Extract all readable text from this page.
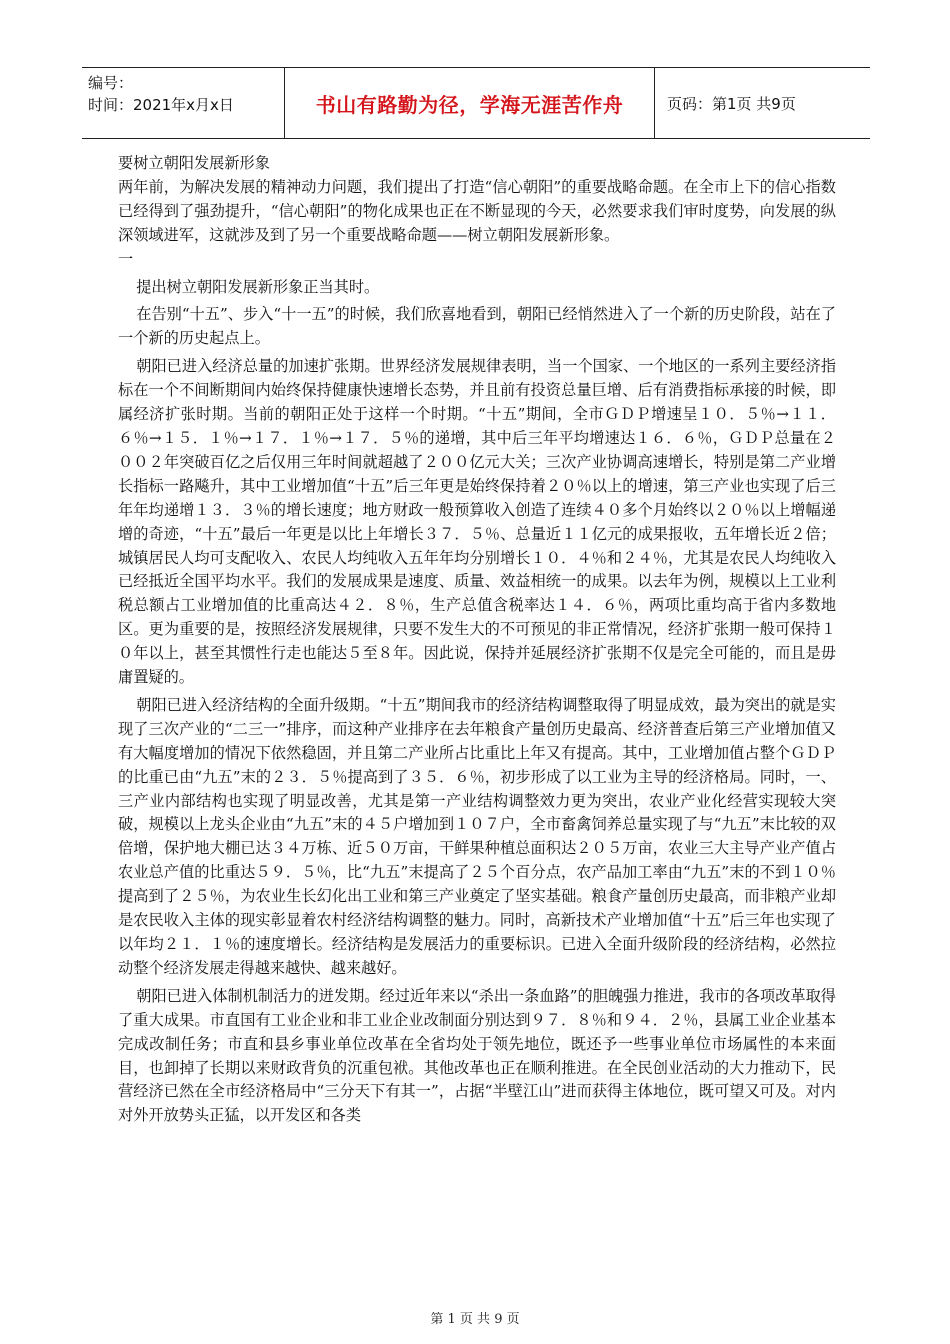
编号：
时间：2021年x月x日	书山有路勤为径，学海无涯苦作舟	页码：第1页 共9页

要树立朝阳发展新形象

两年前，为解决发展的精神动力问题，我们提出了打造“信心朝阳”的重要战略命题。在全市上下的信心指数已经得到了强劲提升，“信心朝阳”的物化成果也正在不断显现的今天，必然要求我们审时度势，向发展的纵深领域进军，这就涉及到了另一个重要战略命题——树立朝阳发展新形象。

一

提出树立朝阳发展新形象正当其时。

在告别“十五”、步入“十一五”的时候，我们欣喜地看到，朝阳已经悄然进入了一个新的历史阶段，站在了一个新的历史起点上。

朝阳已进入经济总量的加速扩张期。世界经济发展规律表明，当一个国家、一个地区的一系列主要经济指标在一个不间断期间内始终保持健康快速增长态势，并且前有投资总量巨增、后有消费指标承接的时候，即属经济扩张时期。当前的朝阳正处于这样一个时期。“十五”期间，全市ＧＤＰ增速呈１０．５％→１１．６％→１５．１％→１７．１％→１７．５％的递增，其中后三年平均增速达１６．６％，ＧＤＰ总量在２００２年突破百亿之后仅用三年时间就超越了２００亿元大关；三次产业协调高速增长，特别是第二产业增长指标一路飚升，其中工业增加值“十五”后三年更是始终保持着２０％以上的增速，第三产业也实现了后三年年均递增１３．３％的增长速度；地方财政一般预算收入创造了连续４０多个月始终以２０％以上增幅递增的奇迹，“十五”最后一年更是以比上年增长３７．５％、总量近１１亿元的成果报收，五年增长近２倍；城镇居民人均可支配收入、农民人均纯收入五年年均分别增长１０．４％和２４％，尤其是农民人均纯收入已经抵近全国平均水平。我们的发展成果是速度、质量、效益相统一的成果。以去年为例，规模以上工业利税总额占工业增加值的比重高达４２．８％，生产总值含税率达１４．６％，两项比重均高于省内多数地区。更为重要的是，按照经济发展规律，只要不发生大的不可预见的非正常情况，经济扩张期一般可保持１０年以上，甚至其惯性行走也能达５至８年。因此说，保持并延展经济扩张期不仅是完全可能的，而且是毋庸置疑的。

朝阳已进入经济结构的全面升级期。“十五”期间我市的经济结构调整取得了明显成效，最为突出的就是实现了三次产业的“二三一”排序，而这种产业排序在去年粮食产量创历史最高、经济普查后第三产业增加值又有大幅度增加的情况下依然稳固，并且第二产业所占比重比上年又有提高。其中，工业增加值占整个ＧＤＰ的比重已由“九五”末的２３．５％提高到了３５．６％，初步形成了以工业为主导的经济格局。同时，一、三产业内部结构也实现了明显改善，尤其是第一产业结构调整效力更为突出，农业产业化经营实现较大突破，规模以上龙头企业由“九五”末的４５户增加到１０７户，全市畜禽饲养总量实现了与“九五”末比较的双倍增，保护地大棚已达３４万栋、近５０万亩，干鲜果种植总面积达２０５万亩，农业三大主导产业产值占农业总产值的比重达５９．５％，比“九五”末提高了２５个百分点，农产品加工率由“九五”末的不到１０％提高到了２５％，为农业生长幻化出工业和第三产业奠定了坚实基础。粮食产量创历史最高，而非粮产业却是农民收入主体的现实彰显着农村经济结构调整的魅力。同时，高新技术产业增加值“十五”后三年也实现了以年均２１．１％的速度增长。经济结构是发展活力的重要标识。已进入全面升级阶段的经济结构，必然拉动整个经济发展走得越来越快、越来越好。

朝阳已进入体制机制活力的迸发期。经过近年来以“杀出一条血路”的胆魄强力推进，我市的各项改革取得了重大成果。市直国有工业企业和非工业企业改制面分别达到９７．８％和９４．２％，县属工业企业基本完成改制任务；市直和县乡事业单位改革在全省均处于领先地位，既还予一些事业单位市场属性的本来面目，也卸掉了长期以来财政背负的沉重包袱。其他改革也正在顺利推进。在全民创业活动的大力推动下，民营经济已然在全市经济格局中“三分天下有其一”，占据“半壁江山”进而获得主体地位，既可望又可及。对内对外开放势头正猛，以开发区和各类

第 1 页 共 9 页
